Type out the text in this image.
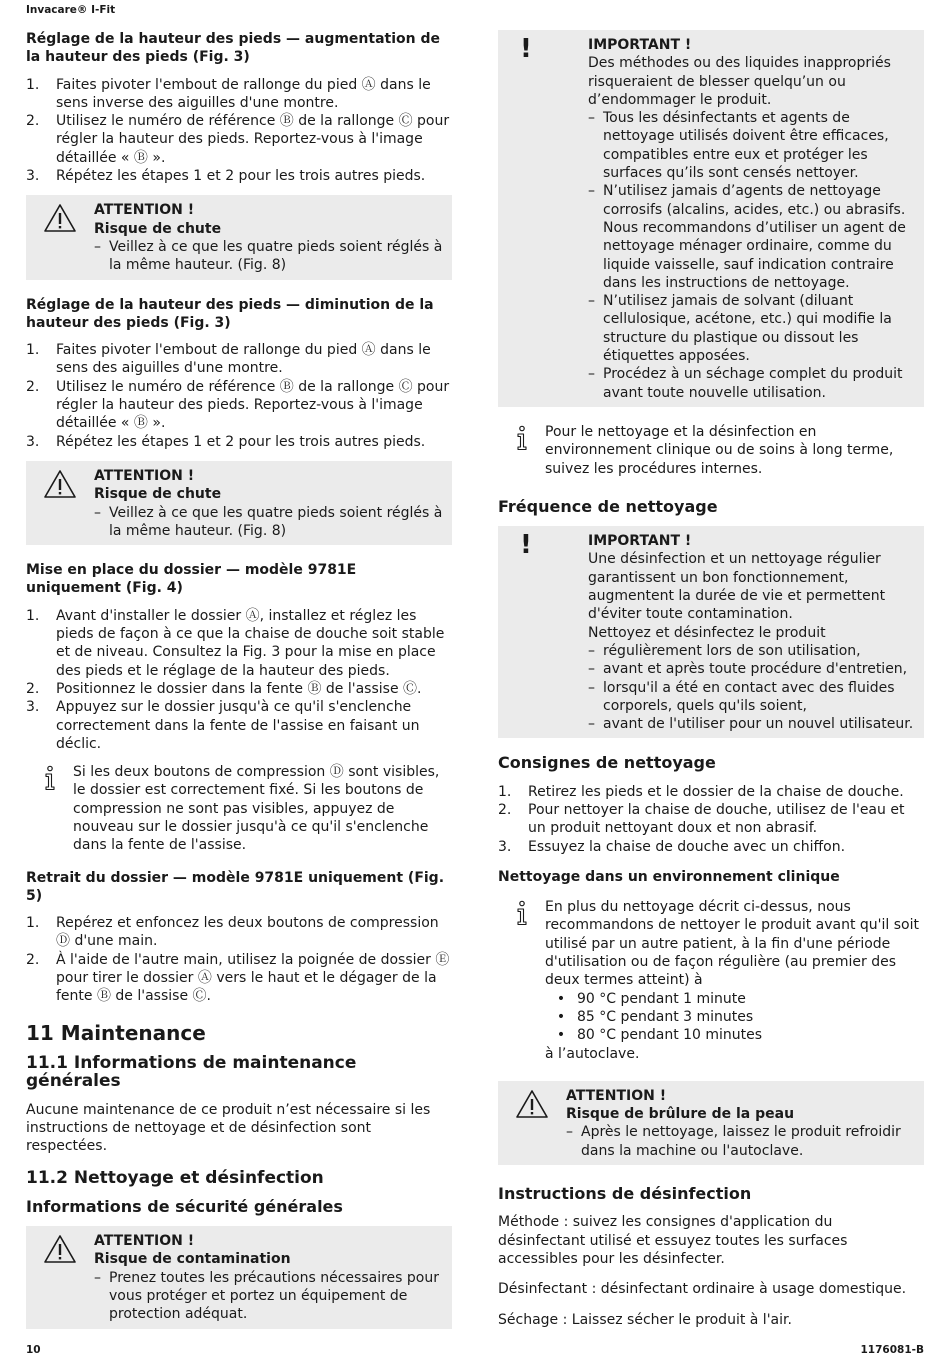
Invacare® I-Fit
Réglage de la hauteur des pieds — augmentation de la hauteur des pieds (Fig. 3)
1.	Faites pivoter l'embout de rallonge du pied Ⓐ dans le sens inverse des aiguilles d'une montre.
2.	Utilisez le numéro de référence Ⓑ de la rallonge Ⓒ pour régler la hauteur des pieds. Reportez-vous à l'image détaillée « Ⓑ ».
3.	Répétez les étapes 1 et 2 pour les trois autres pieds.
ATTENTION !
Risque de chute
– Veillez à ce que les quatre pieds soient réglés à la même hauteur. (Fig. 8)
Réglage de la hauteur des pieds — diminution de la hauteur des pieds (Fig. 3)
1.	Faites pivoter l'embout de rallonge du pied Ⓐ dans le sens des aiguilles d'une montre.
2.	Utilisez le numéro de référence Ⓑ de la rallonge Ⓒ pour régler la hauteur des pieds. Reportez-vous à l'image détaillée « Ⓑ ».
3.	Répétez les étapes 1 et 2 pour les trois autres pieds.
ATTENTION !
Risque de chute
– Veillez à ce que les quatre pieds soient réglés à la même hauteur. (Fig. 8)
Mise en place du dossier — modèle 9781E uniquement (Fig. 4)
1.	Avant d'installer le dossier Ⓐ, installez et réglez les pieds de façon à ce que la chaise de douche soit stable et de niveau. Consultez la Fig. 3 pour la mise en place des pieds et le réglage de la hauteur des pieds.
2.	Positionnez le dossier dans la fente Ⓑ de l'assise Ⓒ.
3.	Appuyez sur le dossier jusqu'à ce qu'il s'enclenche correctement dans la fente de l'assise en faisant un déclic.
Si les deux boutons de compression Ⓓ sont visibles, le dossier est correctement fixé. Si les boutons de compression ne sont pas visibles, appuyez de nouveau sur le dossier jusqu'à ce qu'il s'enclenche dans la fente de l'assise.
Retrait du dossier — modèle 9781E uniquement (Fig. 5)
1.	Repérez et enfoncez les deux boutons de compression Ⓓ d'une main.
2.	À l'aide de l'autre main, utilisez la poignée de dossier Ⓔ pour tirer le dossier Ⓐ vers le haut et le dégager de la fente Ⓑ de l'assise Ⓒ.
11 Maintenance
11.1 Informations de maintenance générales

Aucune maintenance de ce produit n’est nécessaire si les instructions de nettoyage et de désinfection sont respectées.

11.2 Nettoyage et désinfection
Informations de sécurité générales
ATTENTION !
Risque de contamination
– Prenez toutes les précautions nécessaires pour vous protéger et portez un équipement de protection adéquat.
!	IMPORTANT !
Des méthodes ou des liquides inappropriés risqueraient de blesser quelqu’un ou d’endommager le produit.
– Tous les désinfectants et agents de nettoyage utilisés doivent être efficaces, compatibles entre eux et protéger les surfaces qu’ils sont censés nettoyer.
– N’utilisez jamais d’agents de nettoyage corrosifs (alcalins, acides, etc.) ou abrasifs. Nous recommandons d’utiliser un agent de nettoyage ménager ordinaire, comme du liquide vaisselle, sauf indication contraire dans les instructions de nettoyage.
– N’utilisez jamais de solvant (diluant cellulosique, acétone, etc.) qui modifie la structure du plastique ou dissout les étiquettes apposées.
– Procédez à un séchage complet du produit avant toute nouvelle utilisation.
Pour le nettoyage et la désinfection en environnement clinique ou de soins à long terme, suivez les procédures internes.
Fréquence de nettoyage
!	IMPORTANT !
Une désinfection et un nettoyage régulier garantissent un bon fonctionnement, augmentent la durée de vie et permettent d'éviter toute contamination.
Nettoyez et désinfectez le produit
– régulièrement lors de son utilisation,
– avant et après toute procédure d'entretien,
– lorsqu'il a été en contact avec des fluides corporels, quels qu'ils soient,
– avant de l'utiliser pour un nouvel utilisateur.
Consignes de nettoyage
1.	Retirez les pieds et le dossier de la chaise de douche.
2.	Pour nettoyer la chaise de douche, utilisez de l'eau et un produit nettoyant doux et non abrasif.
3.	Essuyez la chaise de douche avec un chiffon.
Nettoyage dans un environnement clinique
En plus du nettoyage décrit ci-dessus, nous recommandons de nettoyer le produit avant qu'il soit utilisé par un autre patient, à la fin d'une période d'utilisation ou de façon régulière (au premier des deux termes atteint) à
• 90 °C pendant 1 minute
• 85 °C pendant 3 minutes
• 80 °C pendant 10 minutes
à l’autoclave.
ATTENTION !
Risque de brûlure de la peau
– Après le nettoyage, laissez le produit refroidir dans la machine ou l'autoclave.
Instructions de désinfection

Méthode : suivez les consignes d'application du désinfectant utilisé et essuyez toutes les surfaces accessibles pour les désinfecter.

Désinfectant : désinfectant ordinaire à usage domestique.

Séchage : Laissez sécher le produit à l'air.

10	1176081-B
